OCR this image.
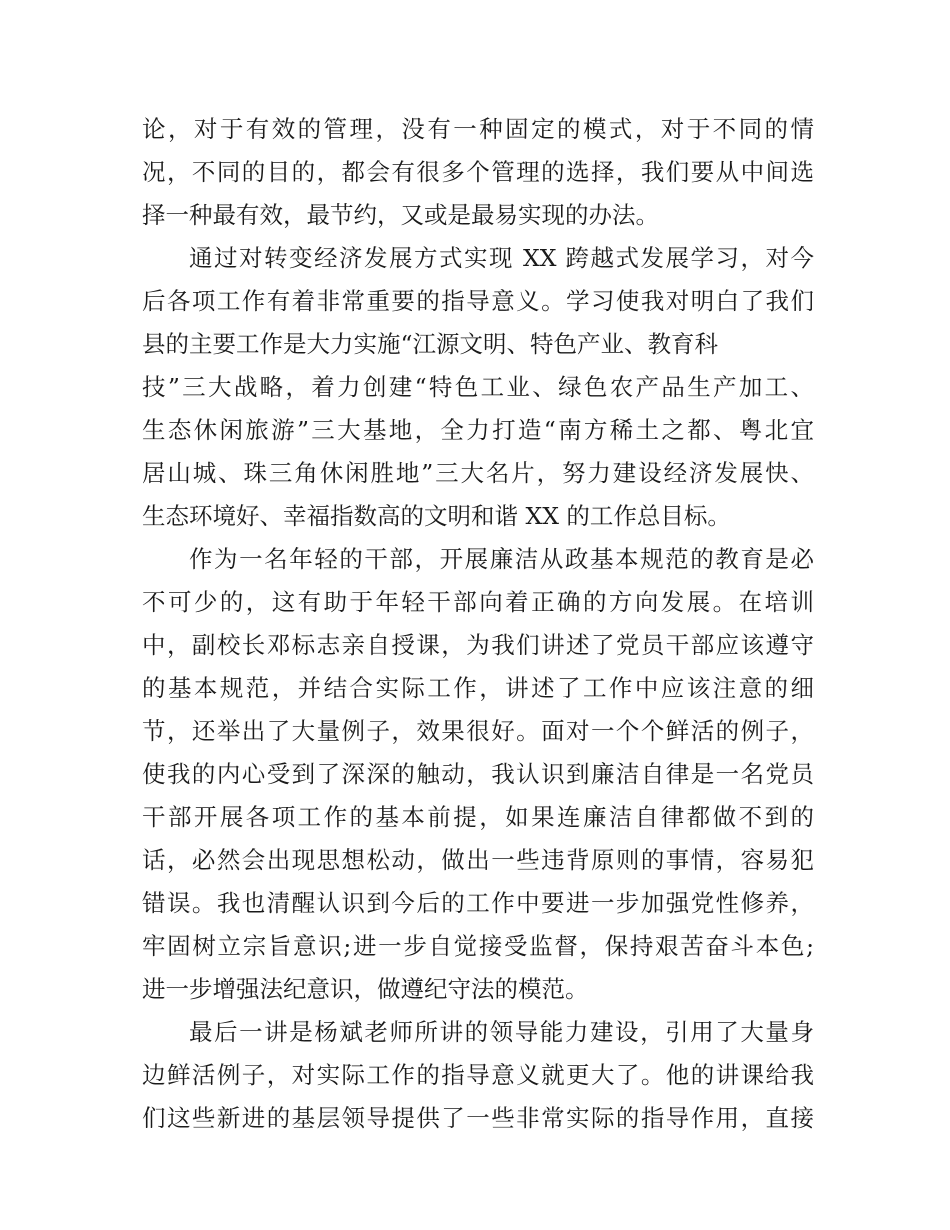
论，对于有效的管理，没有一种固定的模式，对于不同的情
况，不同的目的，都会有很多个管理的选择，我们要从中间选
择一种最有效，最节约，又或是最易实现的办法。
通过对转变经济发展方式实现 XX 跨越式发展学习，对今
后各项工作有着非常重要的指导意义。学习使我对明白了我们
县的主要工作是大力实施“江源文明、特色产业、教育科
技”三大战略，着力创建“特色工业、绿色农产品生产加工、
生态休闲旅游”三大基地，全力打造“南方稀土之都、粤北宜
居山城、珠三角休闲胜地”三大名片，努力建设经济发展快、
生态环境好、幸福指数高的文明和谐 XX 的工作总目标。
作为一名年轻的干部，开展廉洁从政基本规范的教育是必
不可少的，这有助于年轻干部向着正确的方向发展。在培训
中，副校长邓标志亲自授课，为我们讲述了党员干部应该遵守
的基本规范，并结合实际工作，讲述了工作中应该注意的细
节，还举出了大量例子，效果很好。面对一个个鲜活的例子，
使我的内心受到了深深的触动，我认识到廉洁自律是一名党员
干部开展各项工作的基本前提，如果连廉洁自律都做不到的
话，必然会出现思想松动，做出一些违背原则的事情，容易犯
错误。我也清醒认识到今后的工作中要进一步加强党性修养，
牢固树立宗旨意识;进一步自觉接受监督，保持艰苦奋斗本色;
进一步增强法纪意识，做遵纪守法的模范。
最后一讲是杨斌老师所讲的领导能力建设，引用了大量身
边鲜活例子，对实际工作的指导意义就更大了。他的讲课给我
们这些新进的基层领导提供了一些非常实际的指导作用，直接
